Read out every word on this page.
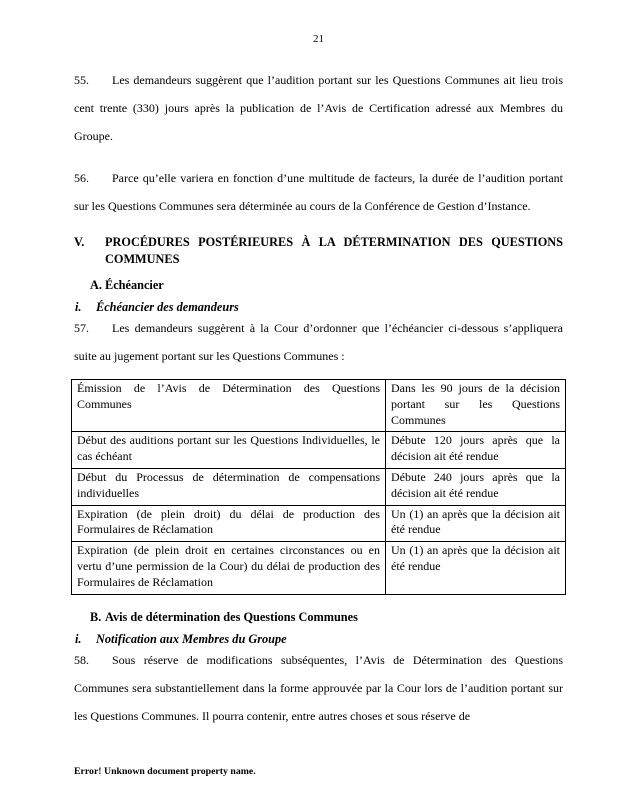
21

55. Les demandeurs suggèrent que l’audition portant sur les Questions Communes ait lieu trois cent trente (330) jours après la publication de l’Avis de Certification adressé aux Membres du Groupe.

56. Parce qu’elle variera en fonction d’une multitude de facteurs, la durée de l’audition portant sur les Questions Communes sera déterminée au cours de la Conférence de Gestion d’Instance.

V. PROCÉDURES POSTÉRIEURES À LA DÉTERMINATION DES QUESTIONS COMMUNES
A. Échéancier
i. Échéancier des demandeurs

57. Les demandeurs suggèrent à la Cour d’ordonner que l’échéancier ci-dessous s’appliquera suite au jugement portant sur les Questions Communes :

Émission de l’Avis de Détermination des Questions Communes	Dans les 90 jours de la décision portant sur les Questions Communes
Début des auditions portant sur les Questions Individuelles, le cas échéant	Débute 120 jours après que la décision ait été rendue
Début du Processus de détermination de compensations individuelles	Débute 240 jours après que la décision ait été rendue
Expiration (de plein droit) du délai de production des Formulaires de Réclamation	Un (1) an après que la décision ait été rendue
Expiration (de plein droit en certaines circonstances ou en vertu d’une permission de la Cour) du délai de production des Formulaires de Réclamation	Un (1) an après que la décision ait été rendue
B. Avis de détermination des Questions Communes
i. Notification aux Membres du Groupe

58. Sous réserve de modifications subséquentes, l’Avis de Détermination des Questions Communes sera substantiellement dans la forme approuvée par la Cour lors de l’audition portant sur les Questions Communes. Il pourra contenir, entre autres choses et sous réserve de

Error! Unknown document property name.
